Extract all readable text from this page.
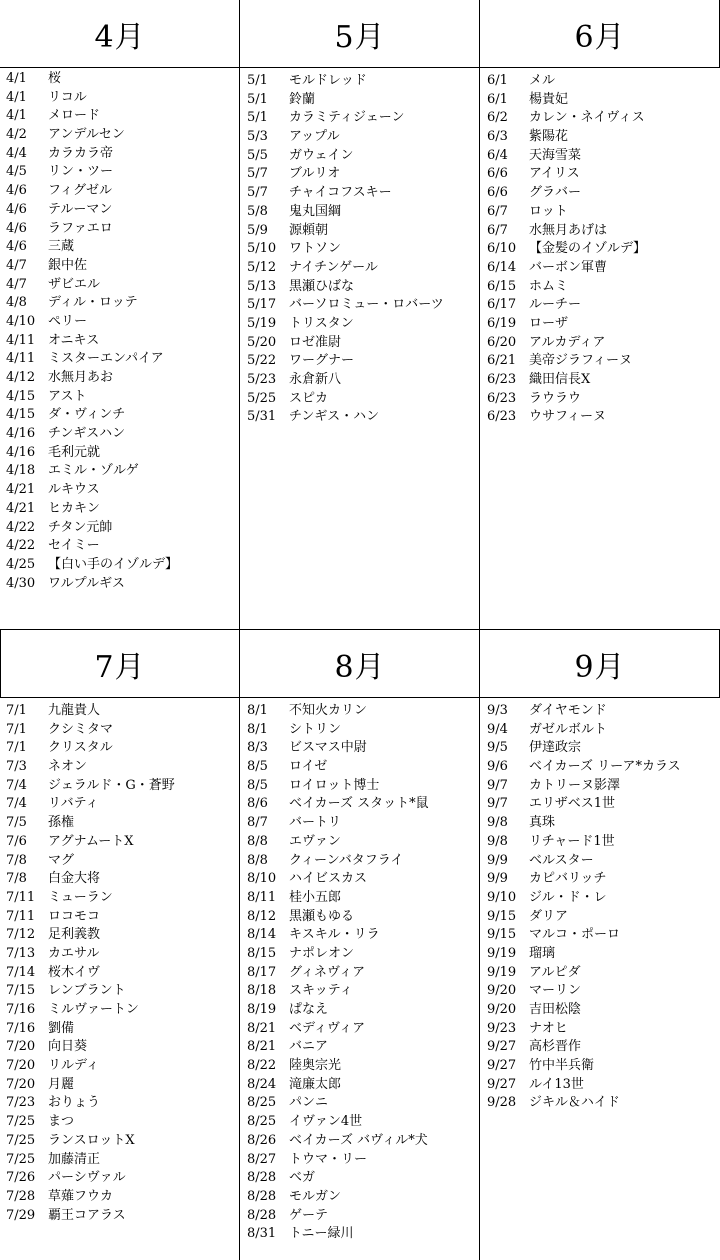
4月	5月	6月
4/1	桜
4/1	リコル
4/1	メロード
4/2	アンデルセン
4/4	カラカラ帝
4/5	リン・ツー
4/6	フィグゼル
4/6	テルーマン
4/6	ラファエロ
4/6	三蔵
4/7	銀中佐
4/7	ザビエル
4/8	ディル・ロッテ
4/10 ペリー
4/11 オニキス
4/11 ミスターエンパイア
4/12 水無月あお
4/15 アスト
4/15 ダ・ヴィンチ
4/16 チンギスハン
4/16 毛利元就
4/18 エミル・ゾルゲ
4/21 ルキウス
4/21 ヒカキン
4/22 チタン元帥
4/22 セイミー
4/25 【白い手のイゾルデ】
4/30 ワルプルギス
5/1	モルドレッド
5/1	鈴蘭
5/1	カラミティジェーン
5/3	アップル
5/5	ガウェイン
5/7	ブルリオ
5/7	チャイコフスキー
5/8	鬼丸国綱
5/9	源頼朝
5/10 ワトソン
5/12 ナイチンゲール
5/13 黒瀬ひばな
5/17 バーソロミュー・ロバーツ
5/19 トリスタン
5/20 ロゼ准尉
5/22 ワーグナー
5/23 永倉新八
5/25 スピカ
5/31 チンギス・ハン
6/1	メル
6/1	楊貴妃
6/2	カレン・ネイヴィス
6/3	紫陽花
6/4	天海雪菜
6/6	アイリス
6/6	グラバー
6/7	ロット
6/7	水無月あげは
6/10 【金髪のイゾルデ】
6/14 バーボン軍曹
6/15 ホムミ
6/17 ルーチー
6/19 ローザ
6/20 アルカディア
6/21 美帝ジラフィーヌ
6/23 織田信長X
6/23 ラウラウ
6/23 ウサフィーヌ
7月	8月	9月
7/1	九龍貴人
7/1	クシミタマ
7/1	クリスタル
7/3	ネオン
7/4	ジェラルド・G・蒼野
7/4	リバティ
7/5	孫権
7/6	アグナムートX
7/8	マグ
7/8	白金大将
7/11 ミューラン
7/11 ロコモコ
7/12 足利義教
7/13 カエサル
7/14 桜木イヴ
7/15 レンブラント
7/16 ミルヴァートン
7/16 劉備
7/20 向日葵
7/20 リルディ
7/20 月麗
7/23 おりょう
7/25 まつ
7/25 ランスロットX
7/25 加藤清正
7/26 パーシヴァル
7/28 草薙フウカ
7/29 覇王コアラス
8/1	不知火カリン
8/1	シトリン
8/3	ビスマス中尉
8/5	ロイゼ
8/5	ロイロット博士
8/6	ベイカーズ スタット*鼠
8/7	バートリ
8/8	エヴァン
8/8	クィーンバタフライ
8/10 ハイビスカス
8/11 桂小五郎
8/12 黒瀬もゆる
8/14 キスキル・リラ
8/15 ナポレオン
8/17 グィネヴィア
8/18 スキッティ
8/19 ぱなえ
8/21 ベディヴィア
8/21 バニア
8/22 陸奥宗光
8/24 滝廉太郎
8/25 パンニ
8/25 イヴァン4世
8/26 ベイカーズ バヴィル*犬
8/27 トウマ・リー
8/28 ベガ
8/28 モルガン
8/28 ゲーテ
8/31 トニー緑川
9/3	ダイヤモンド
9/4	ガゼルボルト
9/5	伊達政宗
9/6	ベイカーズ リーア*カラス
9/7	カトリーヌ影澤
9/7	エリザベス1世
9/8	真珠
9/8	リチャード1世
9/9	ベルスター
9/9	カピバリッチ
9/10 ジル・ド・レ
9/15 ダリア
9/15 マルコ・ポーロ
9/19 瑠璃
9/19 アルピダ
9/20 マーリン
9/20 吉田松陰
9/23 ナオヒ
9/27 高杉晋作
9/27 竹中半兵衛
9/27 ルイ13世
9/28 ジキル＆ハイド
